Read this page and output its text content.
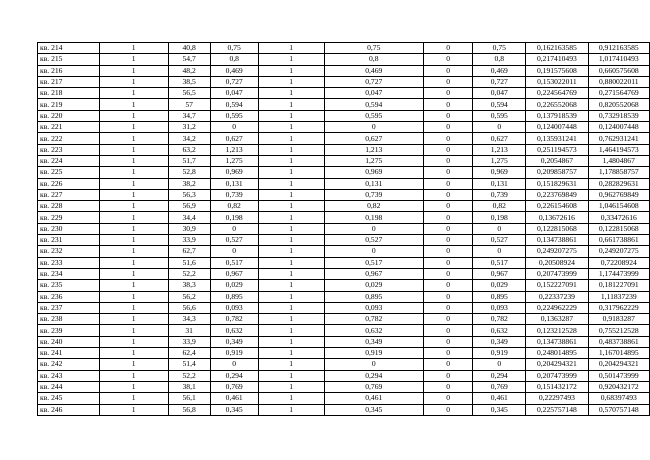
кв. 214	1	40,8	0,75	1	0,75	0	0,75	0,162163585	0,912163585
кв. 215	1	54,7	0,8	1	0,8	0	0,8	0,217410493	1,017410493
кв. 216	1	48,2	0,469	1	0,469	0	0,469	0,191575608	0,660575608
кв. 217	1	38,5	0,727	1	0,727	0	0,727	0,153022011	0,880022011
кв. 218	1	56,5	0,047	1	0,047	0	0,047	0,224564769	0,271564769
кв. 219	1	57	0,594	1	0,594	0	0,594	0,226552068	0,820552068
кв. 220	1	34,7	0,595	1	0,595	0	0,595	0,137918539	0,732918539
кв. 221	1	31,2	0	1	0	0	0	0,124007448	0,124007448
кв. 222	1	34,2	0,627	1	0,627	0	0,627	0,135931241	0,762931241
кв. 223	1	63,2	1,213	1	1,213	0	1,213	0,251194573	1,464194573
кв. 224	1	51,7	1,275	1	1,275	0	1,275	0,2054867	1,4804867
кв. 225	1	52,8	0,969	1	0,969	0	0,969	0,209858757	1,178858757
кв. 226	1	38,2	0,131	1	0,131	0	0,131	0,151829631	0,282829631
кв. 227	1	56,3	0,739	1	0,739	0	0,739	0,223769849	0,962769849
кв. 228	1	56,9	0,82	1	0,82	0	0,82	0,226154608	1,046154608
кв. 229	1	34,4	0,198	1	0,198	0	0,198	0,13672616	0,33472616
кв. 230	1	30,9	0	1	0	0	0	0,122815068	0,122815068
кв. 231	1	33,9	0,527	1	0,527	0	0,527	0,134738861	0,661738861
кв. 232	1	62,7	0	1	0	0	0	0,249207275	0,249207275
кв. 233	1	51,6	0,517	1	0,517	0	0,517	0,20508924	0,72208924
кв. 234	1	52,2	0,967	1	0,967	0	0,967	0,207473999	1,174473999
кв. 235	1	38,3	0,029	1	0,029	0	0,029	0,152227091	0,181227091
кв. 236	1	56,2	0,895	1	0,895	0	0,895	0,22337239	1,11837239
кв. 237	1	56,6	0,093	1	0,093	0	0,093	0,224962229	0,317962229
кв. 238	1	34,3	0,782	1	0,782	0	0,782	0,1363287	0,9183287
кв. 239	1	31	0,632	1	0,632	0	0,632	0,123212528	0,755212528
кв. 240	1	33,9	0,349	1	0,349	0	0,349	0,134738861	0,483738861
кв. 241	1	62,4	0,919	1	0,919	0	0,919	0,248014895	1,167014895
кв. 242	1	51,4	0	1	0	0	0	0,204294321	0,204294321
кв. 243	1	52,2	0,294	1	0,294	0	0,294	0,207473999	0,501473999
кв. 244	1	38,1	0,769	1	0,769	0	0,769	0,151432172	0,920432172
кв. 245	1	56,1	0,461	1	0,461	0	0,461	0,22297493	0,68397493
кв. 246	1	56,8	0,345	1	0,345	0	0,345	0,225757148	0,570757148
